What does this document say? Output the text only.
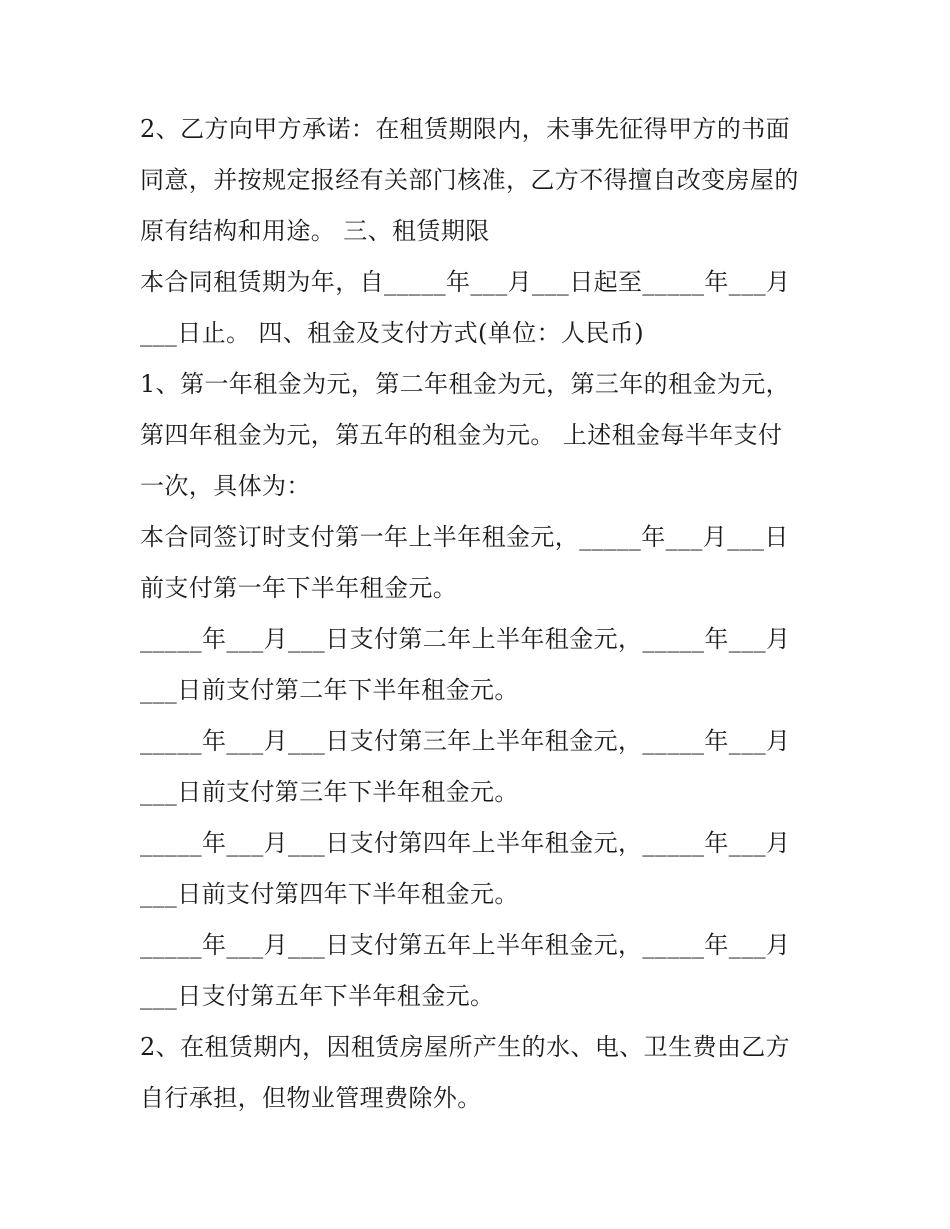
2、乙方向甲方承诺：在租赁期限内，未事先征得甲方的书面
同意，并按规定报经有关部门核准，乙方不得擅自改变房屋的
原有结构和用途。 三、租赁期限
本合同租赁期为年，自_____年___月___日起至_____年___月
___日止。 四、租金及支付方式(单位：人民币)
1、第一年租金为元，第二年租金为元，第三年的租金为元，
第四年租金为元，第五年的租金为元。 上述租金每半年支付
一次，具体为：
本合同签订时支付第一年上半年租金元，_____年___月___日
前支付第一年下半年租金元。
_____年___月___日支付第二年上半年租金元，_____年___月
___日前支付第二年下半年租金元。
_____年___月___日支付第三年上半年租金元，_____年___月
___日前支付第三年下半年租金元。
_____年___月___日支付第四年上半年租金元，_____年___月
___日前支付第四年下半年租金元。
_____年___月___日支付第五年上半年租金元，_____年___月
___日支付第五年下半年租金元。
2、在租赁期内，因租赁房屋所产生的水、电、卫生费由乙方
自行承担，但物业管理费除外。
